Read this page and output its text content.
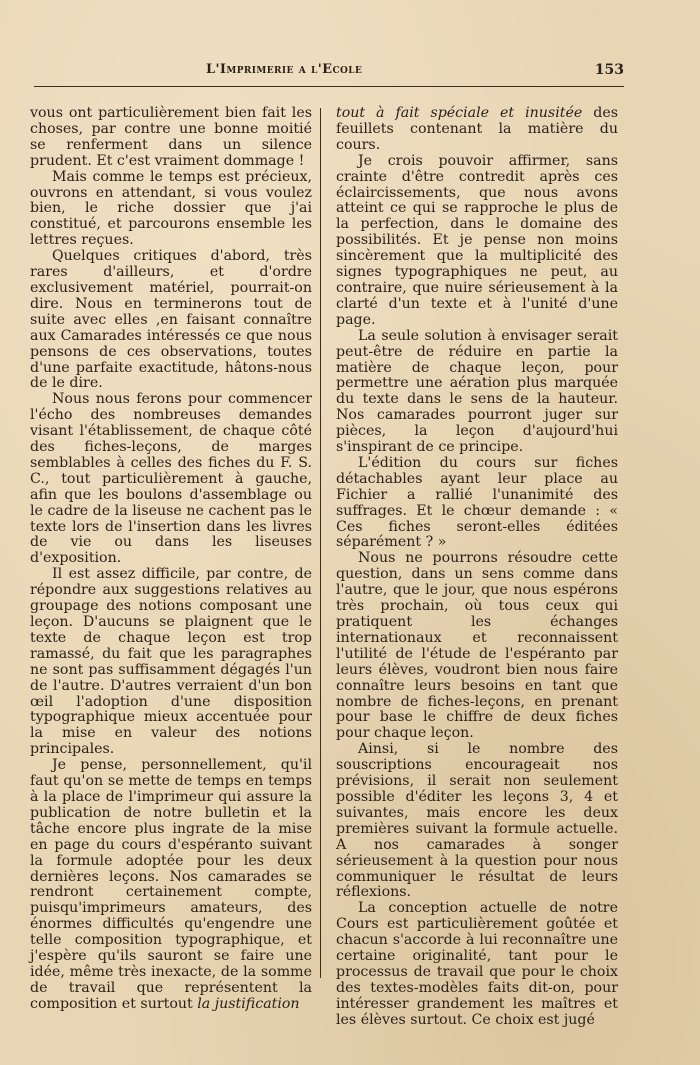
L'Imprimerie a l'Ecole	153

vous ont particulièrement bien fait les choses, par contre une bonne moitié se renferment dans un silence prudent. Et c'est vraiment dommage !

Mais comme le temps est précieux, ouvrons en attendant, si vous voulez bien, le riche dossier que j'ai constitué, et parcourons ensemble les lettres reçues.

Quelques critiques d'abord, très rares d'ailleurs, et d'ordre exclusivement matériel, pourrait-on dire. Nous en terminerons tout de suite avec elles ,en faisant connaître aux Camarades intéressés ce que nous pensons de ces observations, toutes d'une parfaite exactitude, hâtons-nous de le dire.

Nous nous ferons pour commencer l'écho des nombreuses demandes visant l'établissement, de chaque côté des fiches-leçons, de marges semblables à celles des fiches du F. S. C., tout particulièrement à gauche, afin que les boulons d'assemblage ou le cadre de la liseuse ne cachent pas le texte lors de l'insertion dans les livres de vie ou dans les liseuses d'exposition.

Il est assez difficile, par contre, de répondre aux suggestions relatives au groupage des notions composant une leçon. D'aucuns se plaignent que le texte de chaque leçon est trop ramassé, du fait que les paragraphes ne sont pas suffisamment dégagés l'un de l'autre. D'autres verraient d'un bon œil l'adoption d'une disposition typographique mieux accentuée pour la mise en valeur des notions principales.

Je pense, personnellement, qu'il faut qu'on se mette de temps en temps à la place de l'imprimeur qui assure la publication de notre bulletin et la tâche encore plus ingrate de la mise en page du cours d'espéranto suivant la formule adoptée pour les deux dernières leçons. Nos camarades se rendront certainement compte, puisqu'imprimeurs amateurs, des énormes difficultés qu'engendre une telle composition typographique, et j'espère qu'ils sauront se faire une idée, même très inexacte, de la somme de travail que représentent la composition et surtout la justification

tout à fait spéciale et inusitée des feuillets contenant la matière du cours.

Je crois pouvoir affirmer, sans crainte d'être contredit après ces éclaircissements, que nous avons atteint ce qui se rapproche le plus de la perfection, dans le domaine des possibilités. Et je pense non moins sincèrement que la multiplicité des signes typographiques ne peut, au contraire, que nuire sérieusement à la clarté d'un texte et à l'unité d'une page.

La seule solution à envisager serait peut-être de réduire en partie la matière de chaque leçon, pour permettre une aération plus marquée du texte dans le sens de la hauteur. Nos camarades pourront juger sur pièces, la leçon d'aujourd'hui s'inspirant de ce principe.

L'édition du cours sur fiches détachables ayant leur place au Fichier a rallié l'unanimité des suffrages. Et le chœur demande : « Ces fiches seront-elles éditées séparément ? »

Nous ne pourrons résoudre cette question, dans un sens comme dans l'autre, que le jour, que nous espérons très prochain, où tous ceux qui pratiquent les échanges internationaux et reconnaissent l'utilité de l'étude de l'espéranto par leurs élèves, voudront bien nous faire connaître leurs besoins en tant que nombre de fiches-leçons, en prenant pour base le chiffre de deux fiches pour chaque leçon.

Ainsi, si le nombre des souscriptions encourageait nos prévisions, il serait non seulement possible d'éditer les leçons 3, 4 et suivantes, mais encore les deux premières suivant la formule actuelle. A nos camarades à songer sérieusement à la question pour nous communiquer le résultat de leurs réflexions.

La conception actuelle de notre Cours est particulièrement goûtée et chacun s'accorde à lui reconnaître une certaine originalité, tant pour le processus de travail que pour le choix des textes-modèles faits dit-on, pour intéresser grandement les maîtres et les élèves surtout. Ce choix est jugé
